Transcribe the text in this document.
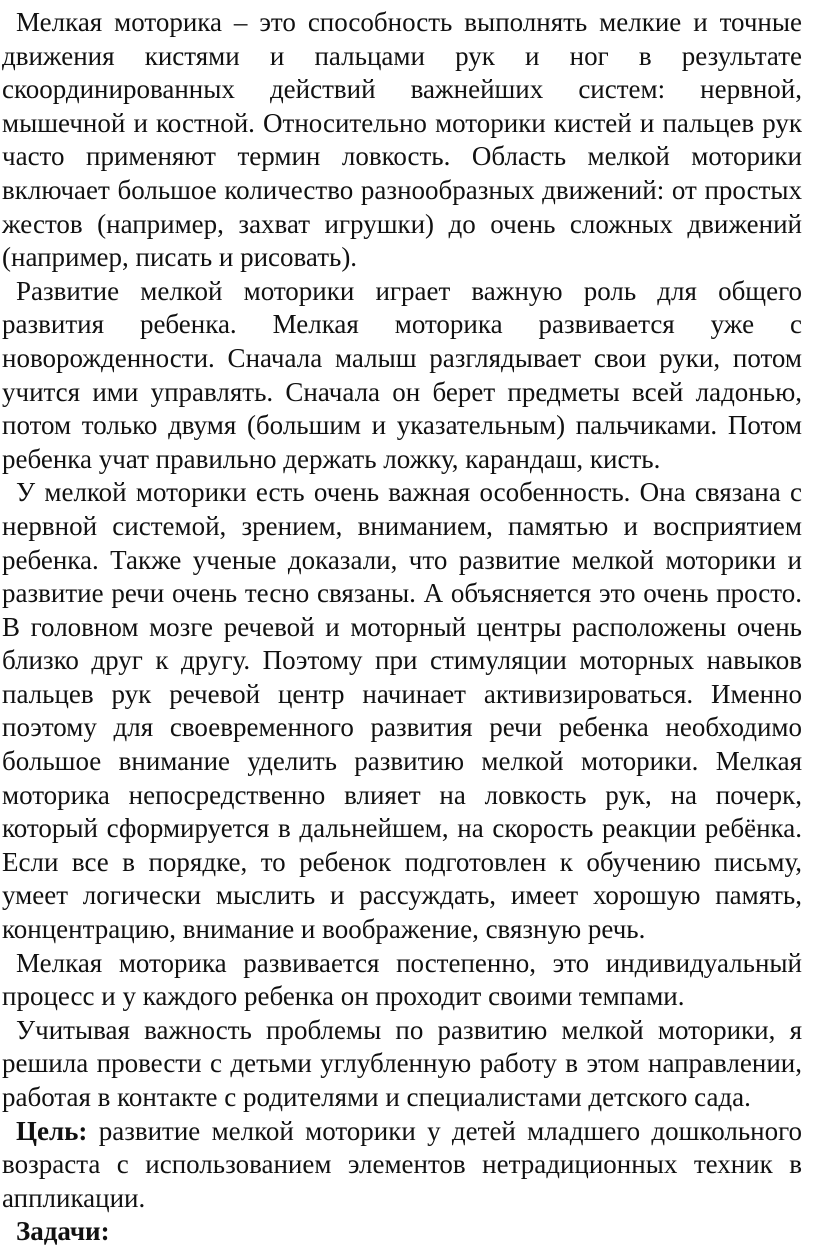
Мелкая моторика – это способность выполнять мелкие и точные движения кистями и пальцами рук и ног в результате скоординированных действий важнейших систем: нервной, мышечной и костной. Относительно моторики кистей и пальцев рук часто применяют термин ловкость. Область мелкой моторики включает большое количество разнообразных движений: от простых жестов (например, захват игрушки) до очень сложных движений (например, писать и рисовать).

Развитие мелкой моторики играет важную роль для общего развития ребенка. Мелкая моторика развивается уже с новорожденности. Сначала малыш разглядывает свои руки, потом учится ими управлять. Сначала он берет предметы всей ладонью, потом только двумя (большим и указательным) пальчиками. Потом ребенка учат правильно держать ложку, карандаш, кисть.

У мелкой моторики есть очень важная особенность. Она связана с нервной системой, зрением, вниманием, памятью и восприятием ребенка. Также ученые доказали, что развитие мелкой моторики и развитие речи очень тесно связаны. А объясняется это очень просто. В головном мозге речевой и моторный центры расположены очень близко друг к другу. Поэтому при стимуляции моторных навыков пальцев рук речевой центр начинает активизироваться. Именно поэтому для своевременного развития речи ребенка необходимо большое внимание уделить развитию мелкой моторики. Мелкая моторика непосредственно влияет на ловкость рук, на почерк, который сформируется в дальнейшем, на скорость реакции ребёнка. Если все в порядке, то ребенок подготовлен к обучению письму, умеет логически мыслить и рассуждать, имеет хорошую память, концентрацию, внимание и воображение, связную речь.

Мелкая моторика развивается постепенно, это индивидуальный процесс и у каждого ребенка он проходит своими темпами.

Учитывая важность проблемы по развитию мелкой моторики, я решила провести с детьми углубленную работу в этом направлении, работая в контакте с родителями и специалистами детского сада.

Цель: развитие мелкой моторики у детей младшего дошкольного возраста с использованием элементов нетрадиционных техник в аппликации.

Задачи:
